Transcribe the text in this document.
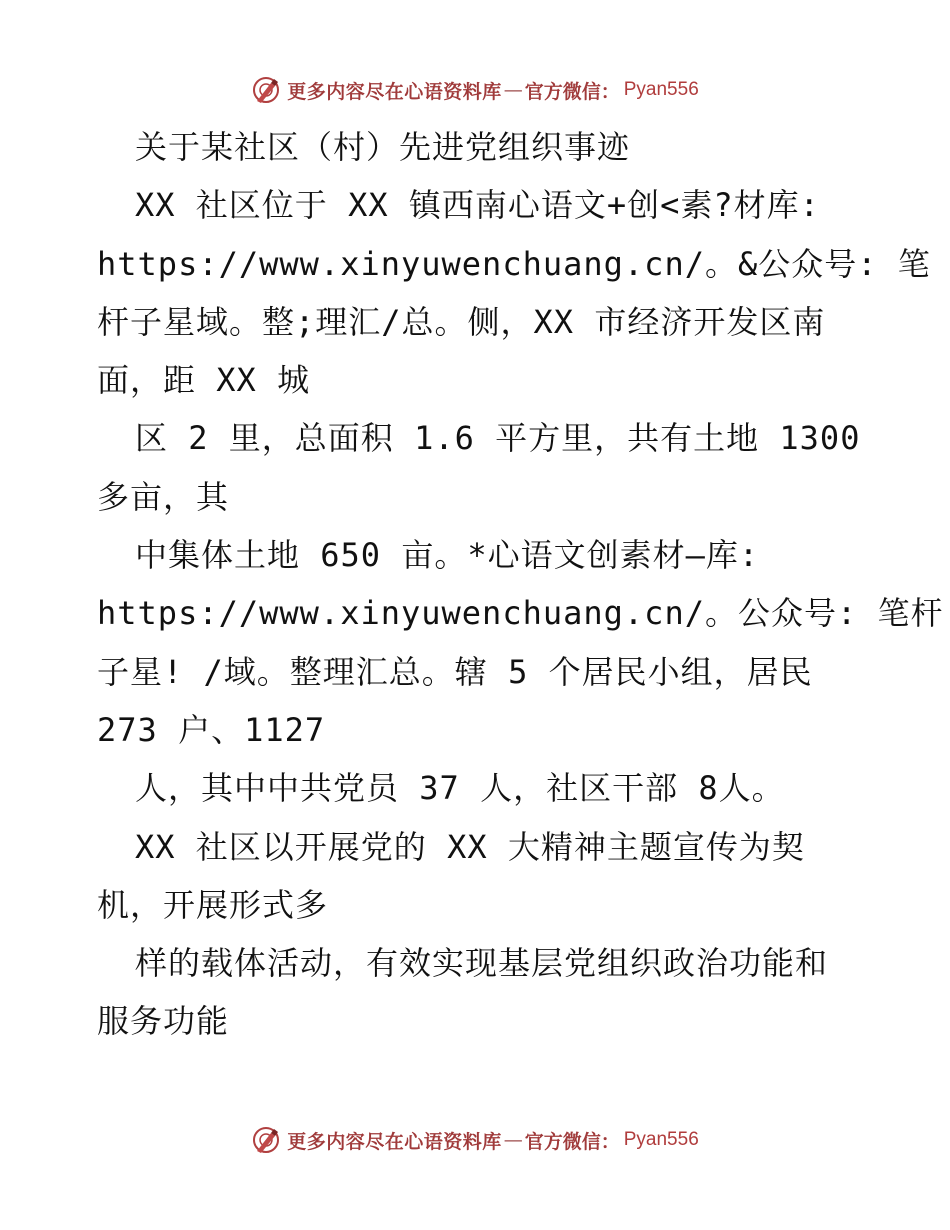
更多内容尽在心语资料库 — 官方微信： Pyan556
关于某社区（村）先进党组织事迹
XX 社区位于 XX 镇西南心语文+创<素?材库:
https://www.xinyuwenchuang.cn/。&公众号: 笔
杆子星域。整;理汇/总。侧，XX 市经济开发区南
面，距 XX 城
区 2 里，总面积 1.6 平方里，共有土地 1300
多亩，其
中集体土地 650 亩。*心语文创素材—库:
https://www.xinyuwenchuang.cn/。公众号: 笔杆
子星! /域。整理汇总。辖 5 个居民小组，居民
273 户、1127
人，其中中共党员 37 人，社区干部 8人。
XX 社区以开展党的 XX 大精神主题宣传为契
机，开展形式多
样的载体活动，有效实现基层党组织政治功能和
服务功能
更多内容尽在心语资料库 — 官方微信： Pyan556
